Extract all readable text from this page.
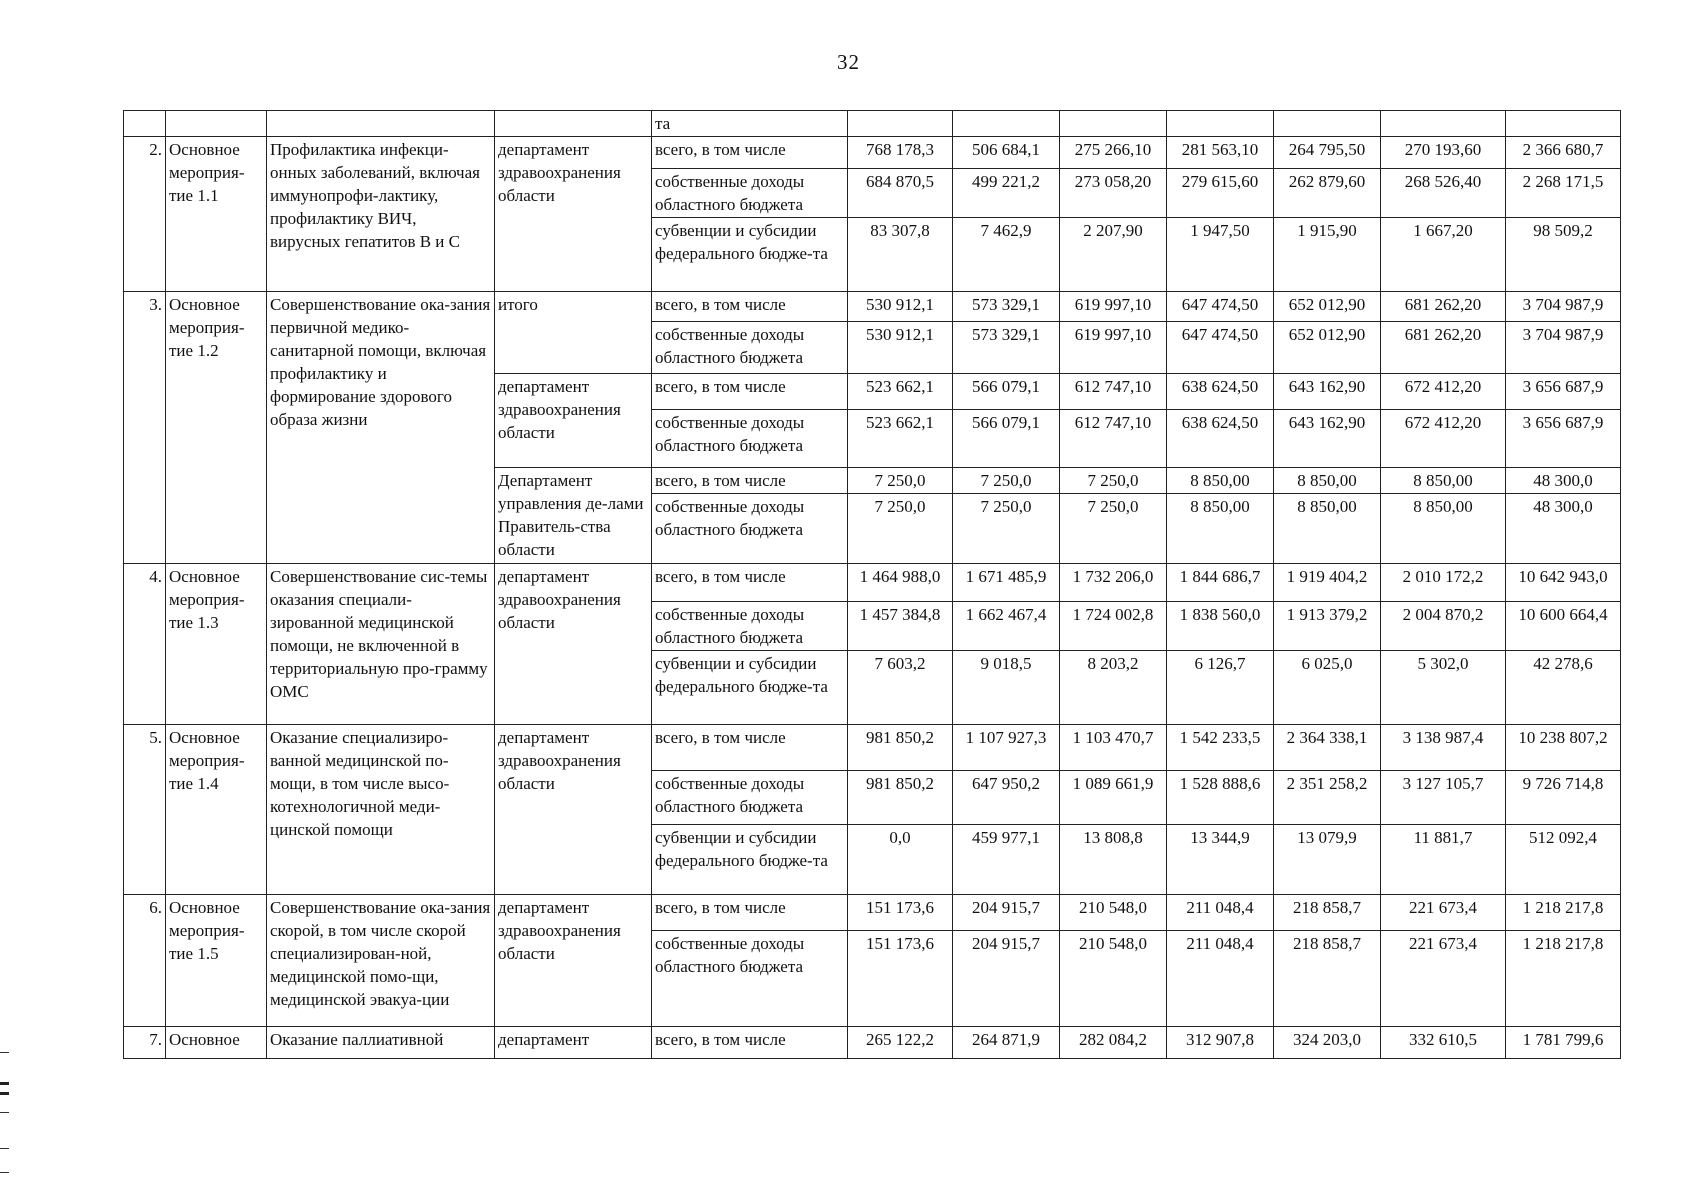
32
				та							
2.	Основное мероприя-тие 1.1	Профилактика инфекци-онных заболеваний, включая иммунопрофи-лактику, профилактику ВИЧ, вирусных гепатитов В и С	департамент здравоохранения области	всего, в том числе	768 178,3	506 684,1	275 266,10	281 563,10	264 795,50	270 193,60	2 366 680,7
				собственные доходы областного бюджета	684 870,5	499 221,2	273 058,20	279 615,60	262 879,60	268 526,40	2 268 171,5
				субвенции и субсидии федерального бюдже-та	83 307,8	7 462,9	2 207,90	1 947,50	1 915,90	1 667,20	98 509,2
3.	Основное мероприя-тие 1.2	Совершенствование ока-зания первичной медико-санитарной помощи, включая профилактику и формирование здорового образа жизни	итого	всего, в том числе	530 912,1	573 329,1	619 997,10	647 474,50	652 012,90	681 262,20	3 704 987,9
				собственные доходы областного бюджета	530 912,1	573 329,1	619 997,10	647 474,50	652 012,90	681 262,20	3 704 987,9
			департамент здравоохранения области	всего, в том числе	523 662,1	566 079,1	612 747,10	638 624,50	643 162,90	672 412,20	3 656 687,9
				собственные доходы областного бюджета	523 662,1	566 079,1	612 747,10	638 624,50	643 162,90	672 412,20	3 656 687,9
			Департамент управления де-лами Правитель-ства области	всего, в том числе	7 250,0	7 250,0	7 250,0	8 850,00	8 850,00	8 850,00	48 300,0
				собственные доходы областного бюджета	7 250,0	7 250,0	7 250,0	8 850,00	8 850,00	8 850,00	48 300,0
4.	Основное мероприя-тие 1.3	Совершенствование сис-темы оказания специали-зированной медицинской помощи, не включенной в территориальную про-грамму ОМС	департамент здравоохранения области	всего, в том числе	1 464 988,0	1 671 485,9	1 732 206,0	1 844 686,7	1 919 404,2	2 010 172,2	10 642 943,0
				собственные доходы областного бюджета	1 457 384,8	1 662 467,4	1 724 002,8	1 838 560,0	1 913 379,2	2 004 870,2	10 600 664,4
				субвенции и субсидии федерального бюдже-та	7 603,2	9 018,5	8 203,2	6 126,7	6 025,0	5 302,0	42 278,6
5.	Основное мероприя-тие 1.4	Оказание специализиро-ванной медицинской по-мощи, в том числе высо-котехнологичной меди-цинской помощи	департамент здравоохранения области	всего, в том числе	981 850,2	1 107 927,3	1 103 470,7	1 542 233,5	2 364 338,1	3 138 987,4	10 238 807,2
				собственные доходы областного бюджета	981 850,2	647 950,2	1 089 661,9	1 528 888,6	2 351 258,2	3 127 105,7	9 726 714,8
				субвенции и субсидии федерального бюдже-та	0,0	459 977,1	13 808,8	13 344,9	13 079,9	11 881,7	512 092,4
6.	Основное мероприя-тие 1.5	Совершенствование ока-зания скорой, в том числе скорой специализирован-ной, медицинской помо-щи, медицинской эвакуа-ции	департамент здравоохранения области	всего, в том числе	151 173,6	204 915,7	210 548,0	211 048,4	218 858,7	221 673,4	1 218 217,8
				собственные доходы областного бюджета	151 173,6	204 915,7	210 548,0	211 048,4	218 858,7	221 673,4	1 218 217,8
7.	Основное	Оказание паллиативной	департамент	всего, в том числе	265 122,2	264 871,9	282 084,2	312 907,8	324 203,0	332 610,5	1 781 799,6
